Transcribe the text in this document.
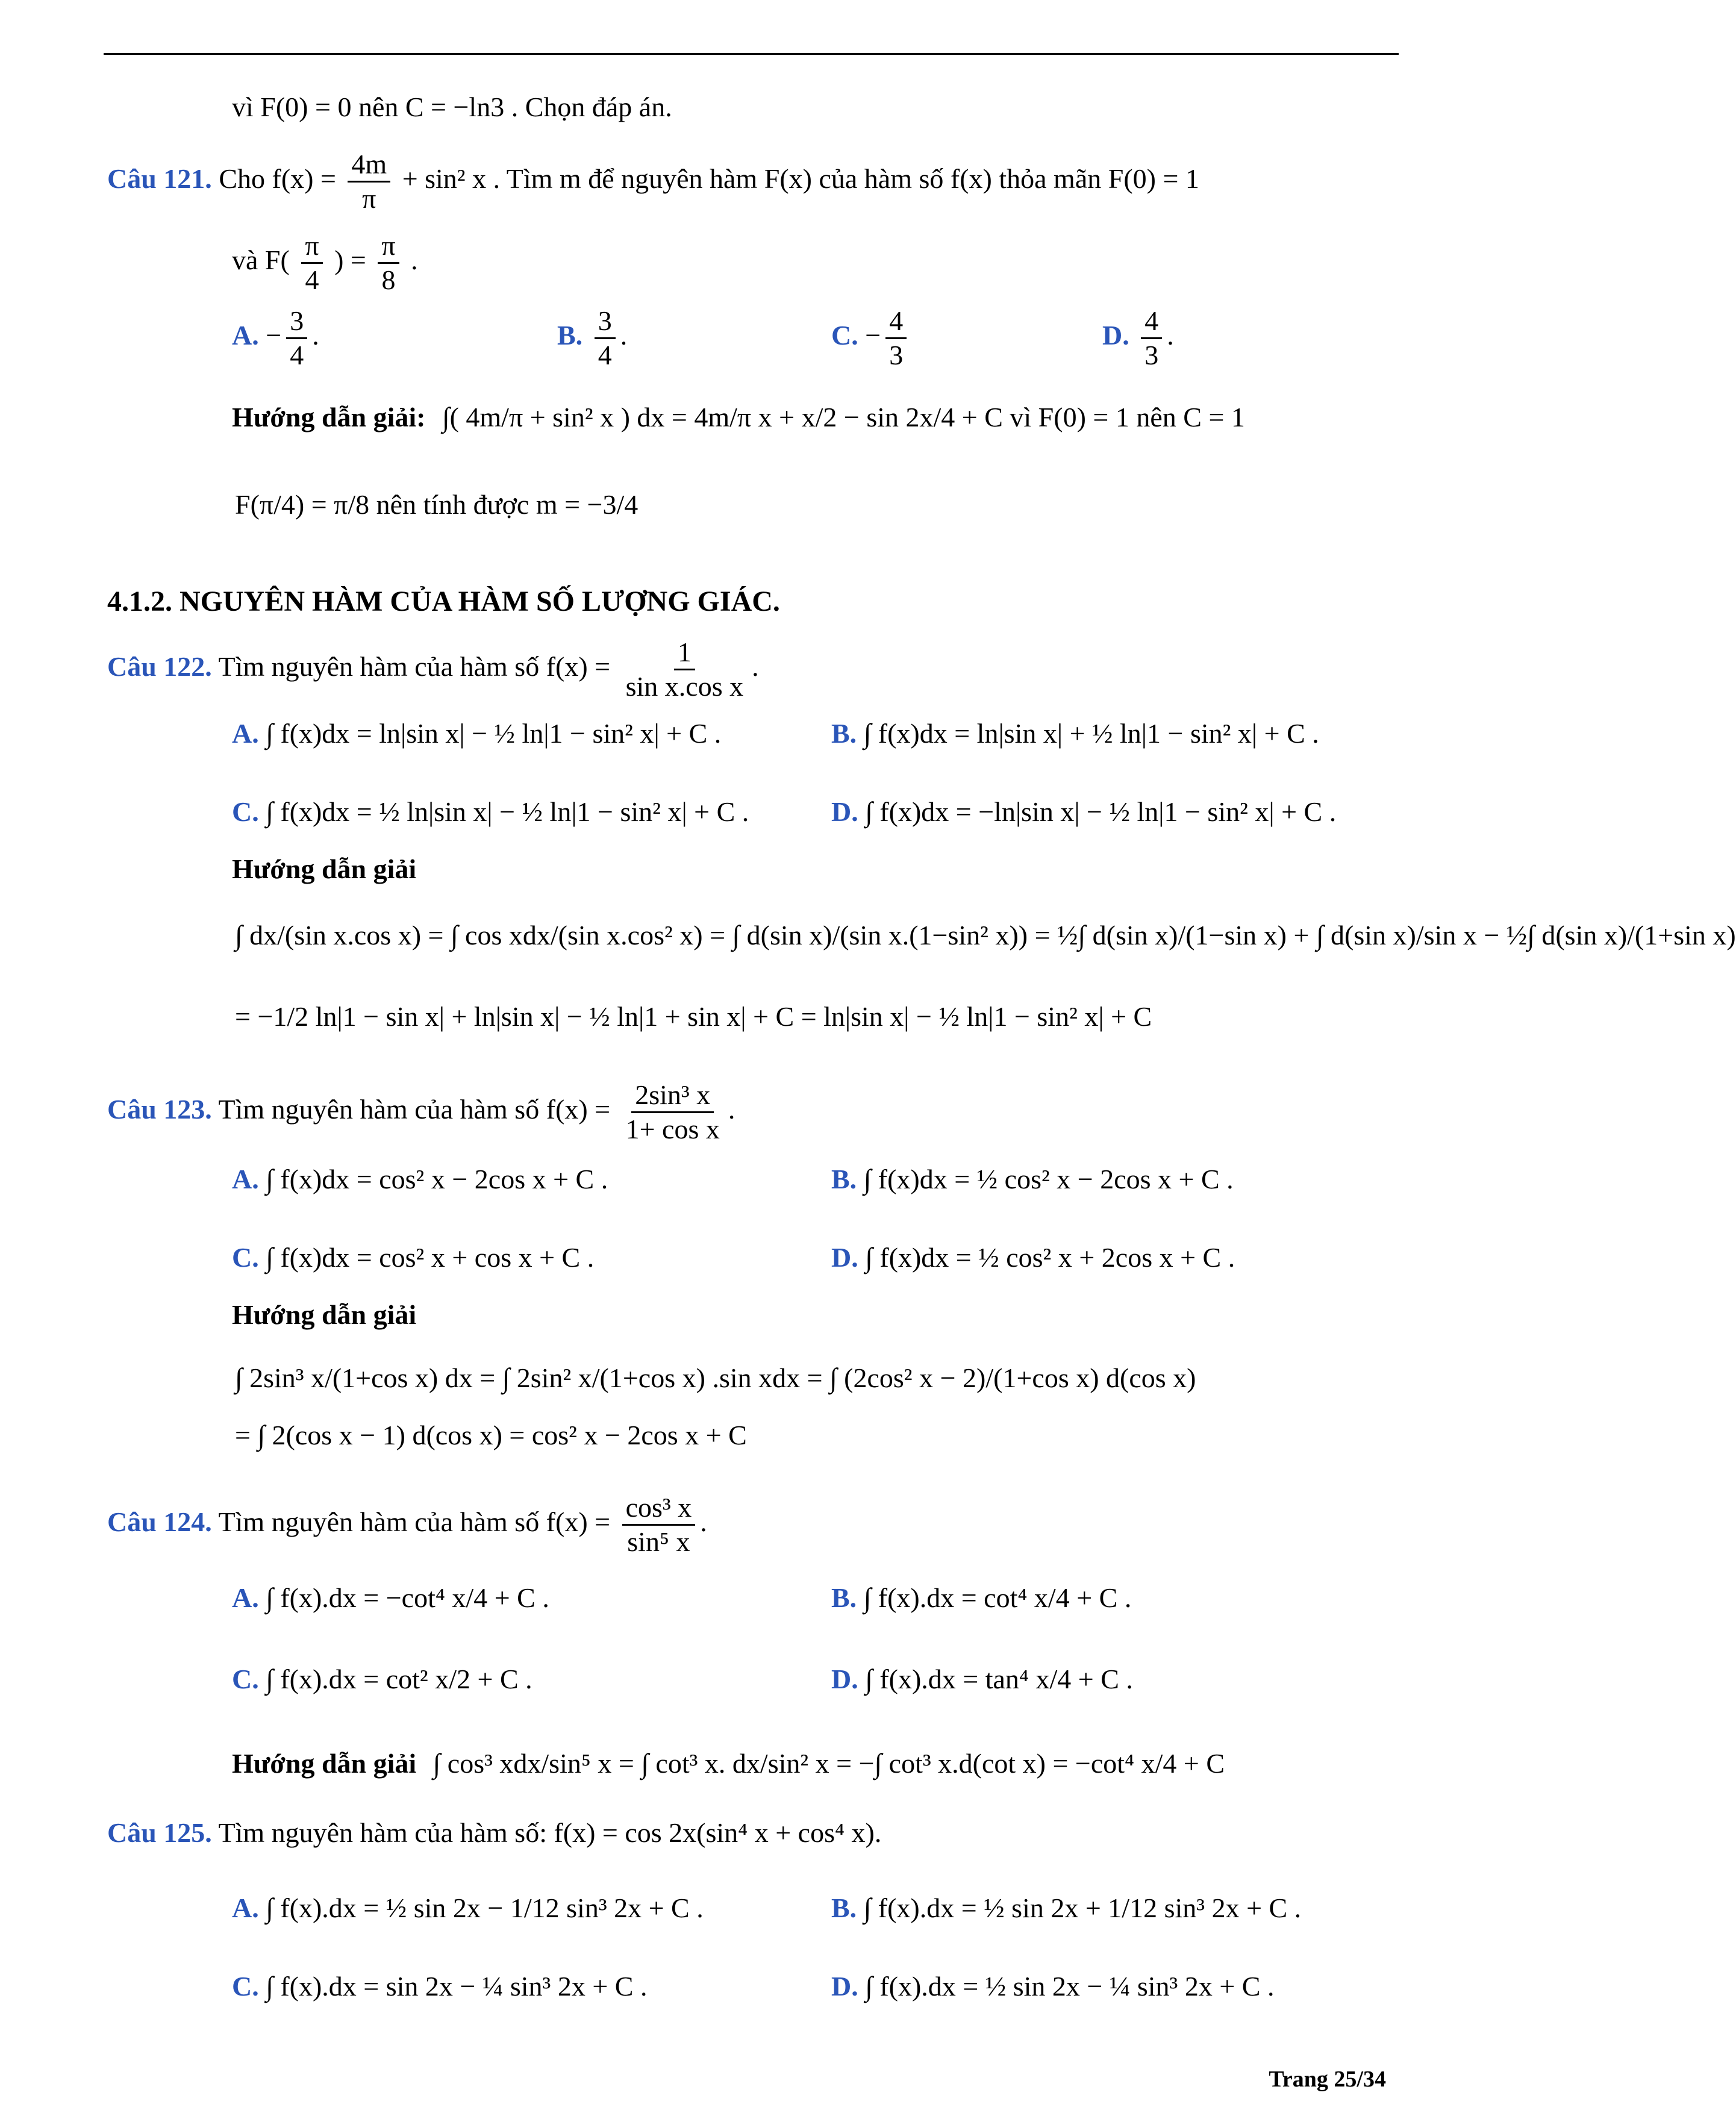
vì F(0) = 0 nên C = −ln3 . Chọn đáp án.
Câu 121. Cho $f(x) = \frac{4m}{\pi} + \sin^2$ x . Tìm m để nguyên hàm F(x) của hàm số f(x) thỏa mãn F(0) = 1
và $F( \frac{\pi}{4}$ ) = $\frac{\pi}{8}$ .
A. − $\frac{3}{4}$ .	B. $\frac{3}{4}$ .	C. − $\frac{4}{3}$	D. $\frac{4}{3}$ .
Hướng dẫn giải: ∫( 4m/π + sin² x ) dx = 4m/π x + x/2 − sin 2x/4 + C vì F(0) = 1 nên C = 1
F(π/4) = π/8 nên tính được m = −3/4
4.1.2. NGUYÊN HÀM CỦA HÀM SỐ LƯỢNG GIÁC.
Câu 122. Tìm nguyên hàm của hàm số $f(x) = \frac{1}{\text{sin x.cos x}}$ .
A. ∫ f(x)dx = ln|sin x| − ½ ln|1 − sin² x| + C .	B. ∫ f(x)dx = ln|sin x| + ½ ln|1 − sin² x| + C .
C. ∫ f(x)dx = ½ ln|sin x| − ½ ln|1 − sin² x| + C .	D. ∫ f(x)dx = −ln|sin x| − ½ ln|1 − sin² x| + C .
Hướng dẫn giải
∫ dx/(sin x.cos x) = ∫ cos xdx/(sin x.cos² x) = ∫ d(sin x)/(sin x.(1−sin² x)) = ½∫ d(sin x)/(1−sin x) + ∫ d(sin x)/sin x − ½∫ d(sin x)/(1+sin x)
= −1/2 ln|1 − sin x| + ln|sin x| − ½ ln|1 + sin x| + C = ln|sin x| − ½ ln|1 − sin² x| + C
Câu 123. Tìm nguyên hàm của hàm số $f(x) = \frac{\text{2sin³ x}}{\text{1+ cos x}}$ .
A. ∫ f(x)dx = cos² x − 2cos x + C .	B. ∫ f(x)dx = ½ cos² x − 2cos x + C .
C. ∫ f(x)dx = cos² x + cos x + C .	D. ∫ f(x)dx = ½ cos² x + 2cos x + C .
Hướng dẫn giải
∫ 2sin³ x/(1+cos x) dx = ∫ 2sin² x/(1+cos x) .sin xdx = ∫ (2cos² x − 2)/(1+cos x) d(cos x)
= ∫ 2(cos x − 1) d(cos x) = cos² x − 2cos x + C
Câu 124. Tìm nguyên hàm của hàm số $f(x) = \frac{\text{cos³ x}}{\text{sin⁵ x}}$ .
A. ∫ f(x).dx = −cot⁴ x/4 + C .	B. ∫ f(x).dx = cot⁴ x/4 + C .
C. ∫ f(x).dx = cot² x/2 + C .	D. ∫ f(x).dx = tan⁴ x/4 + C .
Hướng dẫn giải ∫ cos³ xdx/sin⁵ x = ∫ cot³ x. dx/sin² x = −∫ cot³ x.d(cot x) = −cot⁴ x/4 + C
Câu 125. Tìm nguyên hàm của hàm số: f(x) = cos 2x(sin⁴ x + cos⁴ x).
A. ∫ f(x).dx = ½ sin 2x − 1/12 sin³ 2x + C .	B. ∫ f(x).dx = ½ sin 2x + 1/12 sin³ 2x + C .
C. ∫ f(x).dx = sin 2x − ¼ sin³ 2x + C .	D. ∫ f(x).dx = ½ sin 2x − ¼ sin³ 2x + C .
Trang 25/34
